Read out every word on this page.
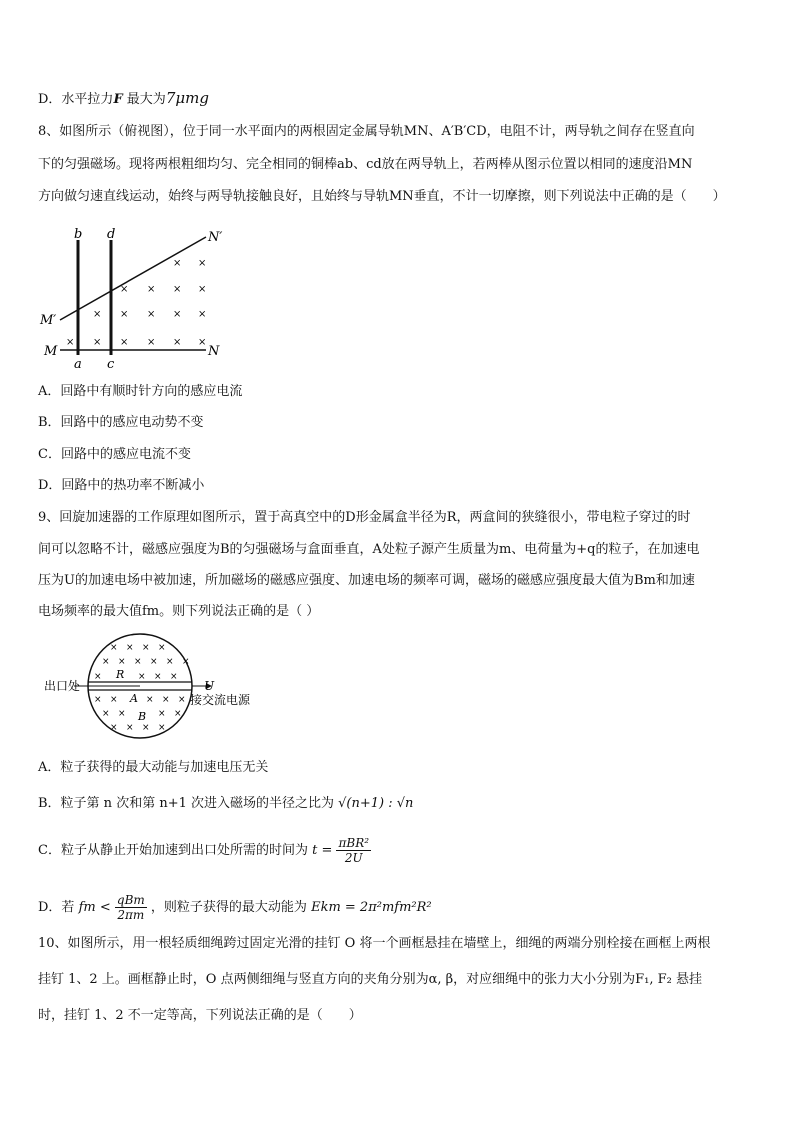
D．水平拉力F 最大为7μmg
8、如图所示（俯视图），位于同一水平面内的两根固定金属导轨MN、A′B′CD，电阻不计，两导轨之间存在竖直向
下的匀强磁场。现将两根粗细均匀、完全相同的铜棒ab、cd放在两导轨上，若两棒从图示位置以相同的速度沿MN
方向做匀速直线运动，始终与两导轨接触良好，且始终与导轨MN垂直，不计一切摩擦，则下列说法中正确的是（　　）
× ×
× × × ×
× × × × ×
× × × × × ×
b d	N′
M′
M	N
a c
A．回路中有顺时针方向的感应电流
B．回路中的感应电动势不变
C．回路中的感应电流不变
D．回路中的热功率不断减小
9、回旋加速器的工作原理如图所示，置于高真空中的D形金属盒半径为R，两盒间的狭缝很小，带电粒子穿过的时
间可以忽略不计，磁感应强度为B的匀强磁场与盒面垂直，A处粒子源产生质量为m、电荷量为+q的粒子，在加速电
压为U的加速电场中被加速，所加磁场的磁感应强度、加速电场的频率可调，磁场的磁感应强度最大值为Bm和加速
电场频率的最大值fm。则下列说法正确的是（ ）
× × × ×
× × × × × ×
×	× × ×
× ×	× × ×
× ×	× ×
× × × ×
出口处	U
接交流电源
R
A
B
A．粒子获得的最大动能与加速电压无关
B．粒子第 n 次和第 n+1 次进入磁场的半径之比为 √(n+1) : √n
C．粒子从静止开始加速到出口处所需的时间为 $t = \frac{\text{πBR²}}{2U}$
D．若 fm < $\frac{\text{qBm}}{2\pi m}$ ，则粒子获得的最大动能为 Ekm = 2π²mfm²R²
10、如图所示，用一根轻质细绳跨过固定光滑的挂钉 O 将一个画框悬挂在墙壁上，细绳的两端分别栓接在画框上两根
挂钉 1、2 上。画框静止时，O 点两侧细绳与竖直方向的夹角分别为α, β，对应细绳中的张力大小分别为F₁, F₂ 悬挂
时，挂钉 1、2 不一定等高，下列说法正确的是（　　）
